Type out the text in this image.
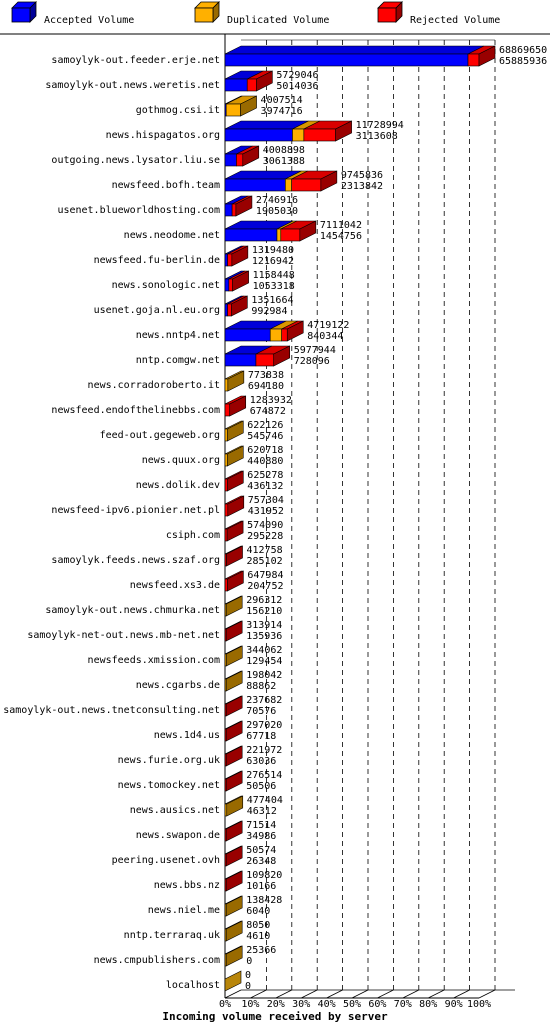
Accepted Volume	Duplicated Volume	Rejected Volume
0% 10% 20% 30% 40% 50% 60% 70% 80% 90% 100%
samoylyk-out.feeder.erje.net
68869650
65885936
samoylyk-out.news.weretis.net
5729046
5014036
gothmog.csi.it
4007514
3974716
news.hispagatos.org
11728994
3113608
outgoing.news.lysator.liu.se
4008898
3061388
newsfeed.bofh.team
9745836
2313842
usenet.blueworldhosting.com
2746916
1905030
news.neodome.net
7111042
1454756
newsfeed.fu-berlin.de
1319480
1216942
news.sonologic.net
1158448
1053318
usenet.goja.nl.eu.org
1351664
992984
news.nntp4.net
4719122
840344
nntp.comgw.net
5977944
728096
news.corradoroberto.it
773838
694180
newsfeed.endofthelinebbs.com
1283932
674872
feed-out.gegeweb.org
622126
545746
news.quux.org
620718
440880
news.dolik.dev
625278
436132
newsfeed-ipv6.pionier.net.pl
757304
431952
csiph.com
574090
295228
samoylyk.feeds.news.szaf.org
412758
285102
newsfeed.xs3.de
647984
204752
samoylyk-out.news.chmurka.net
296312
156210
samoylyk-net-out.news.mb-net.net
313914
135936
newsfeeds.xmission.com
344062
129454
news.cgarbs.de
198042
88862
samoylyk-out.news.tnetconsulting.net
237682
70576
news.1d4.us
297020
67718
news.furie.org.uk
221972
63036
news.tomockey.net
276514
50506
news.ausics.net
477404
46312
news.swapon.de
71514
34986
peering.usenet.ovh
50574
26348
news.bbs.nz
109820
10166
news.niel.me
138428
6040
nntp.terraraq.uk
8050
4610
news.cmpublishers.com
25366
0
localhost
0
0
Incoming volume received by server
